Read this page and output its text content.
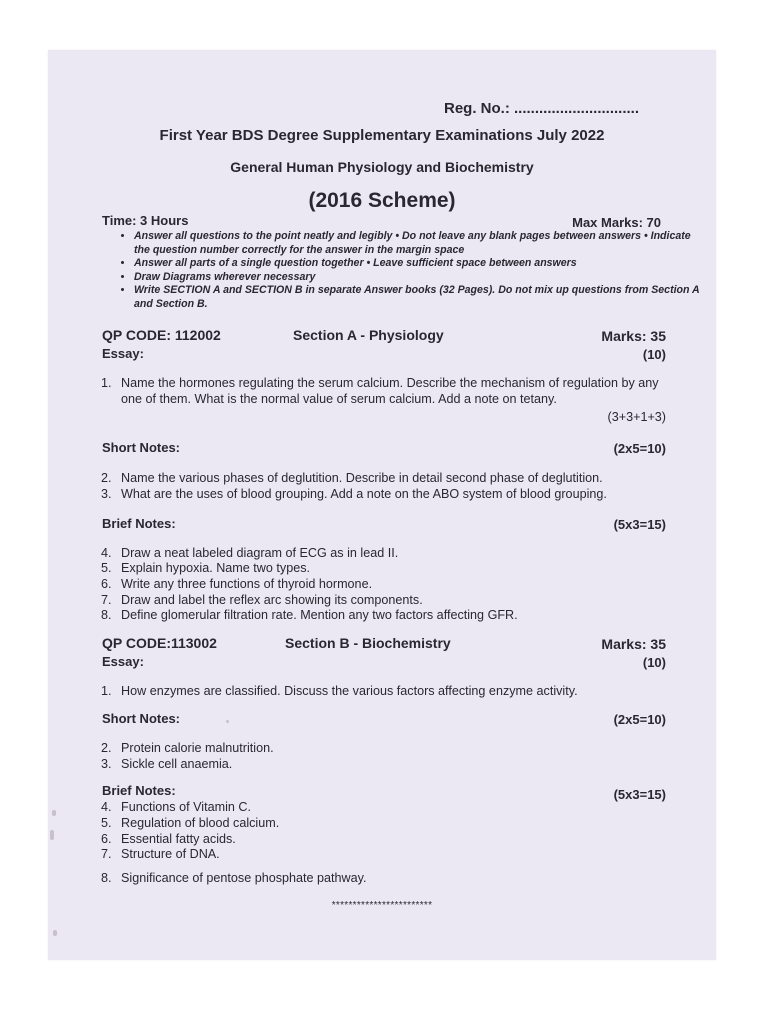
Reg. No.: ..............................
First Year BDS Degree Supplementary Examinations July 2022
General Human Physiology and Biochemistry
(2016 Scheme)
Time: 3 Hours	Max Marks: 70
• Answer all questions to the point neatly and legibly • Do not leave any blank pages between answers • Indicate the question number correctly for the answer in the margin space
• Answer all parts of a single question together • Leave sufficient space between answers
• Draw Diagrams wherever necessary
• Write SECTION A and SECTION B in separate Answer books (32 Pages). Do not mix up questions from Section A and Section B.
QP CODE: 112002	Section A - Physiology	Marks: 35
Essay:	(10)
1. Name the hormones regulating the serum calcium. Describe the mechanism of regulation by any one of them. What is the normal value of serum calcium. Add a note on tetany.
(3+3+1+3)
Short Notes:	(2x5=10)
2. Name the various phases of deglutition. Describe in detail second phase of deglutition.
3. What are the uses of blood grouping. Add a note on the ABO system of blood grouping.
Brief Notes:	(5x3=15)
4. Draw a neat labeled diagram of ECG as in lead II.
5. Explain hypoxia. Name two types.
6. Write any three functions of thyroid hormone.
7. Draw and label the reflex arc showing its components.
8. Define glomerular filtration rate. Mention any two factors affecting GFR.
QP CODE:113002	Section B - Biochemistry	Marks: 35
Essay:	(10)
1. How enzymes are classified. Discuss the various factors affecting enzyme activity.
Short Notes:	(2x5=10)
2. Protein calorie malnutrition.
3. Sickle cell anaemia.
Brief Notes:	(5x3=15)
4. Functions of Vitamin C.
5. Regulation of blood calcium.
6. Essential fatty acids.
7. Structure of DNA.
8. Significance of pentose phosphate pathway.
************************
